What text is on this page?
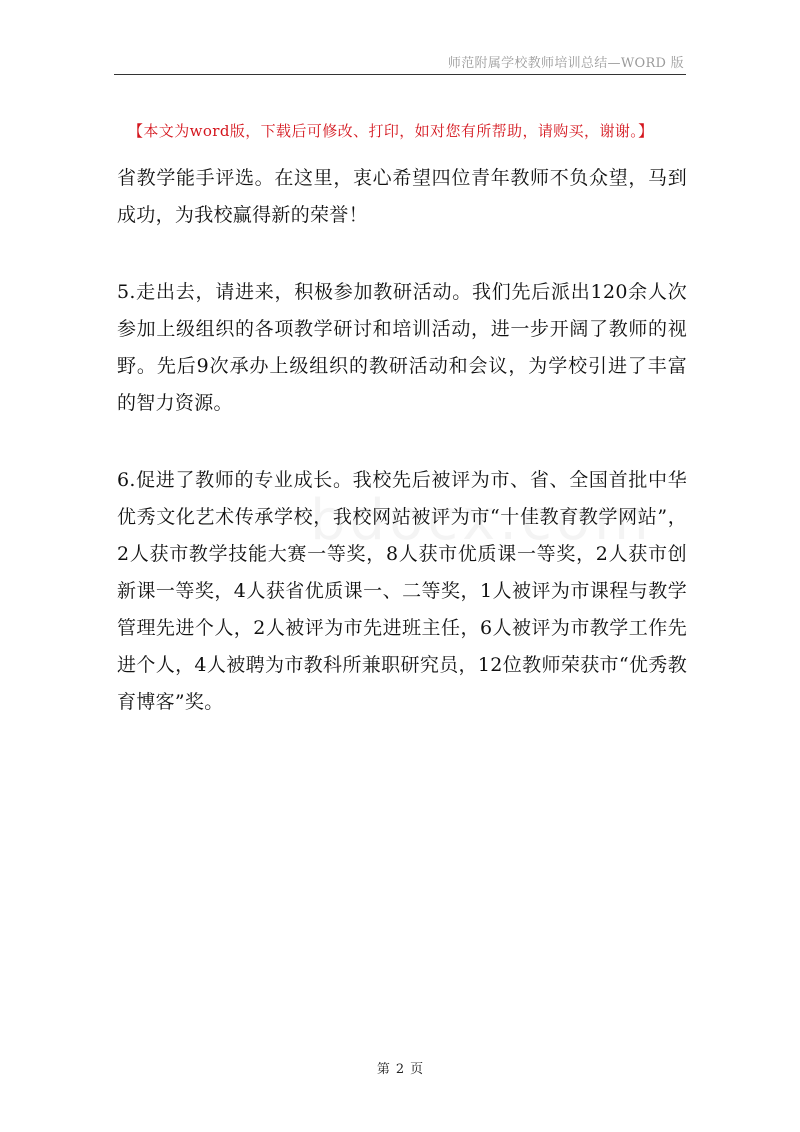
师范附属学校教师培训总结—WORD 版
【本文为word版，下载后可修改、打印，如对您有所帮助，请购买，谢谢。】

省教学能手评选。在这里，衷心希望四位青年教师不负众望，马到成功，为我校赢得新的荣誉！

5.走出去，请进来，积极参加教研活动。我们先后派出120余人次参加上级组织的各项教学研讨和培训活动，进一步开阔了教师的视野。先后9次承办上级组织的教研活动和会议，为学校引进了丰富的智力资源。

6.促进了教师的专业成长。我校先后被评为市、省、全国首批中华优秀文化艺术传承学校，我校网站被评为市“十佳教育教学网站”，2人获市教学技能大赛一等奖，8人获市优质课一等奖，2人获市创新课一等奖，4人获省优质课一、二等奖，1人被评为市课程与教学管理先进个人，2人被评为市先进班主任，6人被评为市教学工作先进个人，4人被聘为市教科所兼职研究员，12位教师荣获市“优秀教育博客”奖。

第 2 页
